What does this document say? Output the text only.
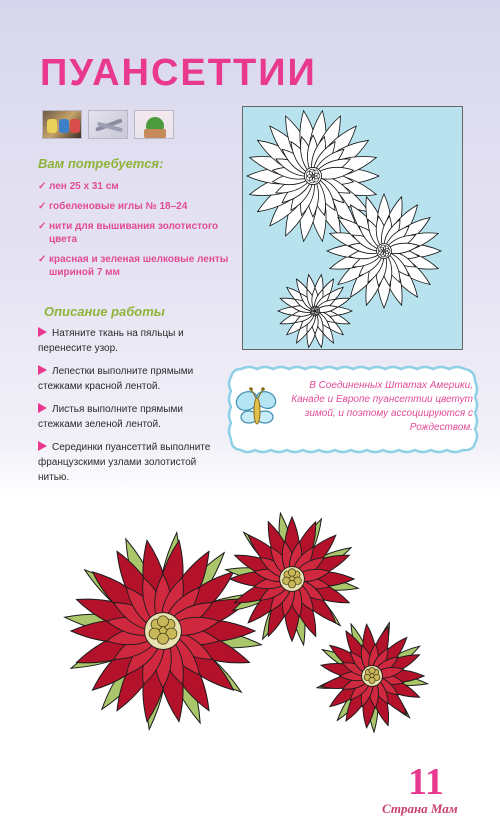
ПУАНСЕТТИИ
Вам потребуется:
✓ лен 25 x 31 см
✓ гобеленовые иглы № 18–24
✓ нити для вышивания золотистого цвета
✓ красная и зеленая шелковые ленты шириной 7 мм
Описание работы
Натяните ткань на пяльцы и перенесите узор.
Лепестки выполните прямыми стежками красной лентой.
Листья выполните прямыми стежками зеленой лентой.
Серединки пуансеттий выполните французскими узлами золотистой нитью.

В Соединенных Штатах Америки, Канаде и Европе пуансеттии цветут зимой, и поэтому ассоциируются с Рождеством.

11

Страна Мам
